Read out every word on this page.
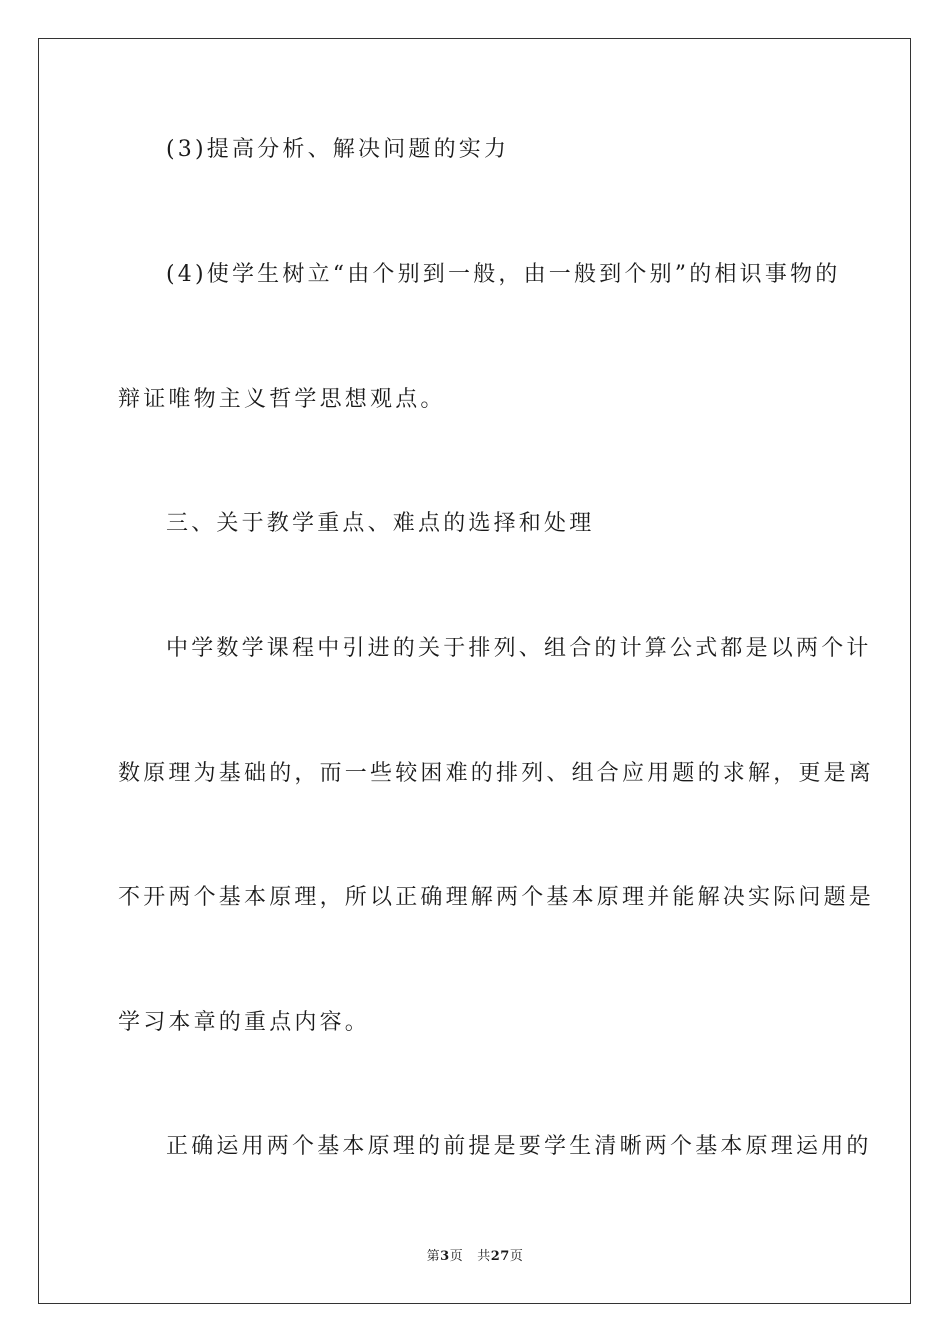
(3)提高分析、解决问题的实力
(4)使学生树立“由个别到一般，由一般到个别”的相识事物的
辩证唯物主义哲学思想观点。
三、关于教学重点、难点的选择和处理
中学数学课程中引进的关于排列、组合的计算公式都是以两个计
数原理为基础的，而一些较困难的排列、组合应用题的求解，更是离
不开两个基本原理，所以正确理解两个基本原理并能解决实际问题是
学习本章的重点内容。
正确运用两个基本原理的前提是要学生清晰两个基本原理运用的
第3页 共27页
